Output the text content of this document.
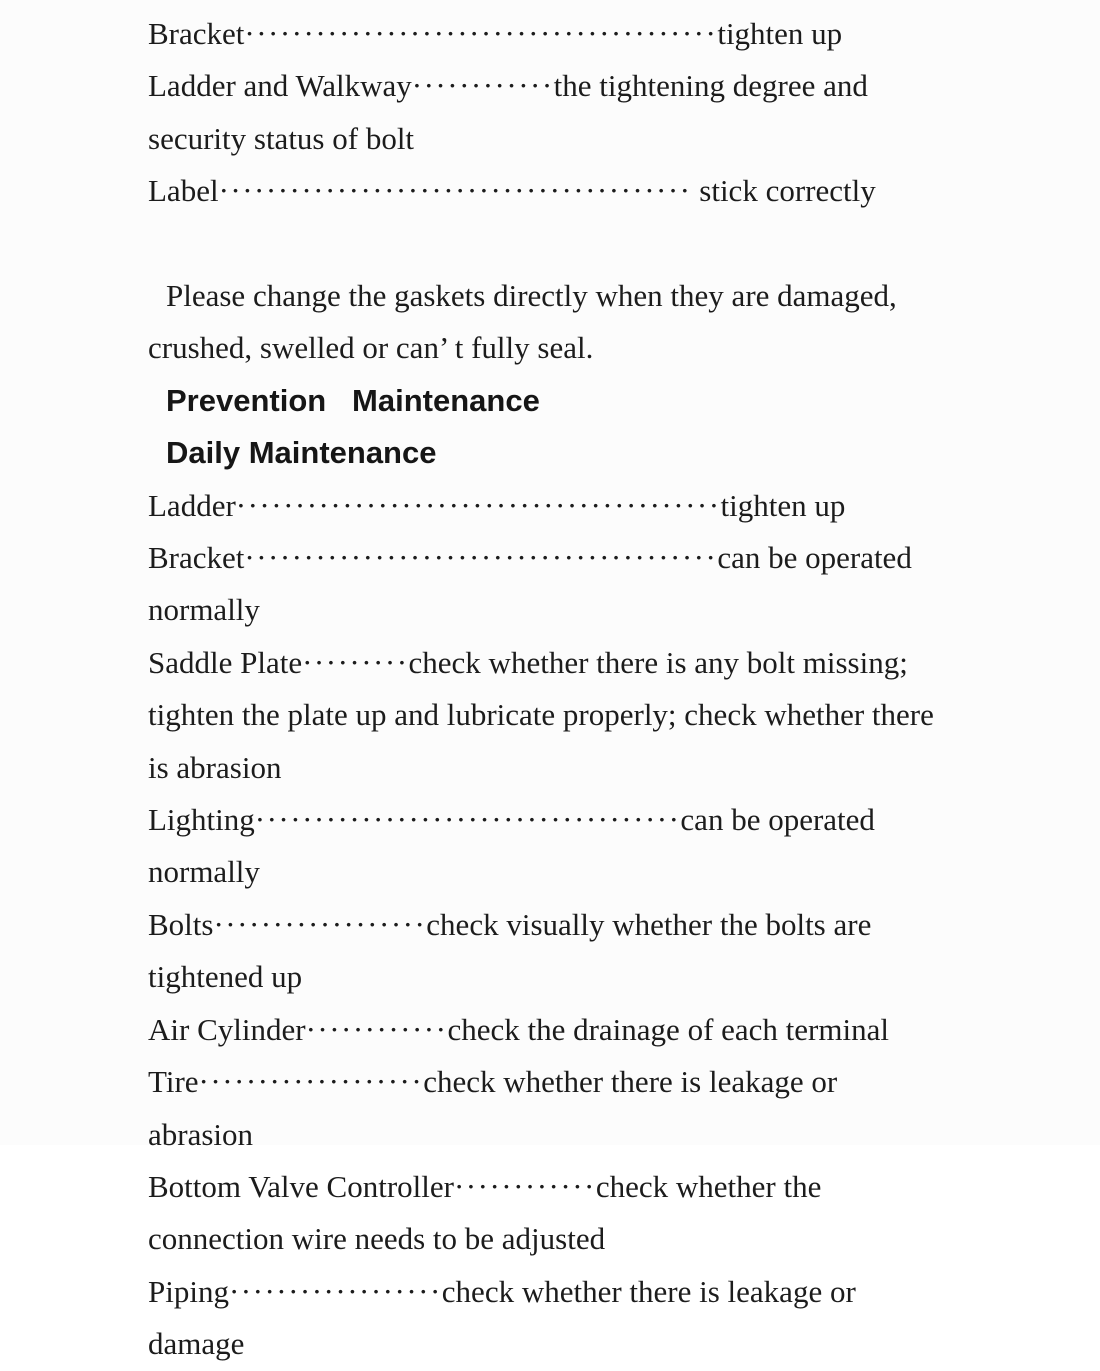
Bracket········································tighten up
Ladder and Walkway············the tightening degree and security status of bolt
Label········································ stick correctly
Please change the gaskets directly when they are damaged, crushed, swelled or can’ t fully seal.
Prevention   Maintenance
Daily Maintenance
Ladder·········································tighten up
Bracket········································can be operated normally
Saddle Plate·········check whether there is any bolt missing; tighten the plate up and lubricate properly; check whether there is abrasion
Lighting····································can be operated normally
Bolts··················check visually whether the bolts are tightened up
Air Cylinder············check the drainage of each terminal
Tire···················check whether there is leakage or abrasion
Bottom Valve Controller············check whether the connection wire needs to be adjusted
Piping··················check whether there is leakage or damage
